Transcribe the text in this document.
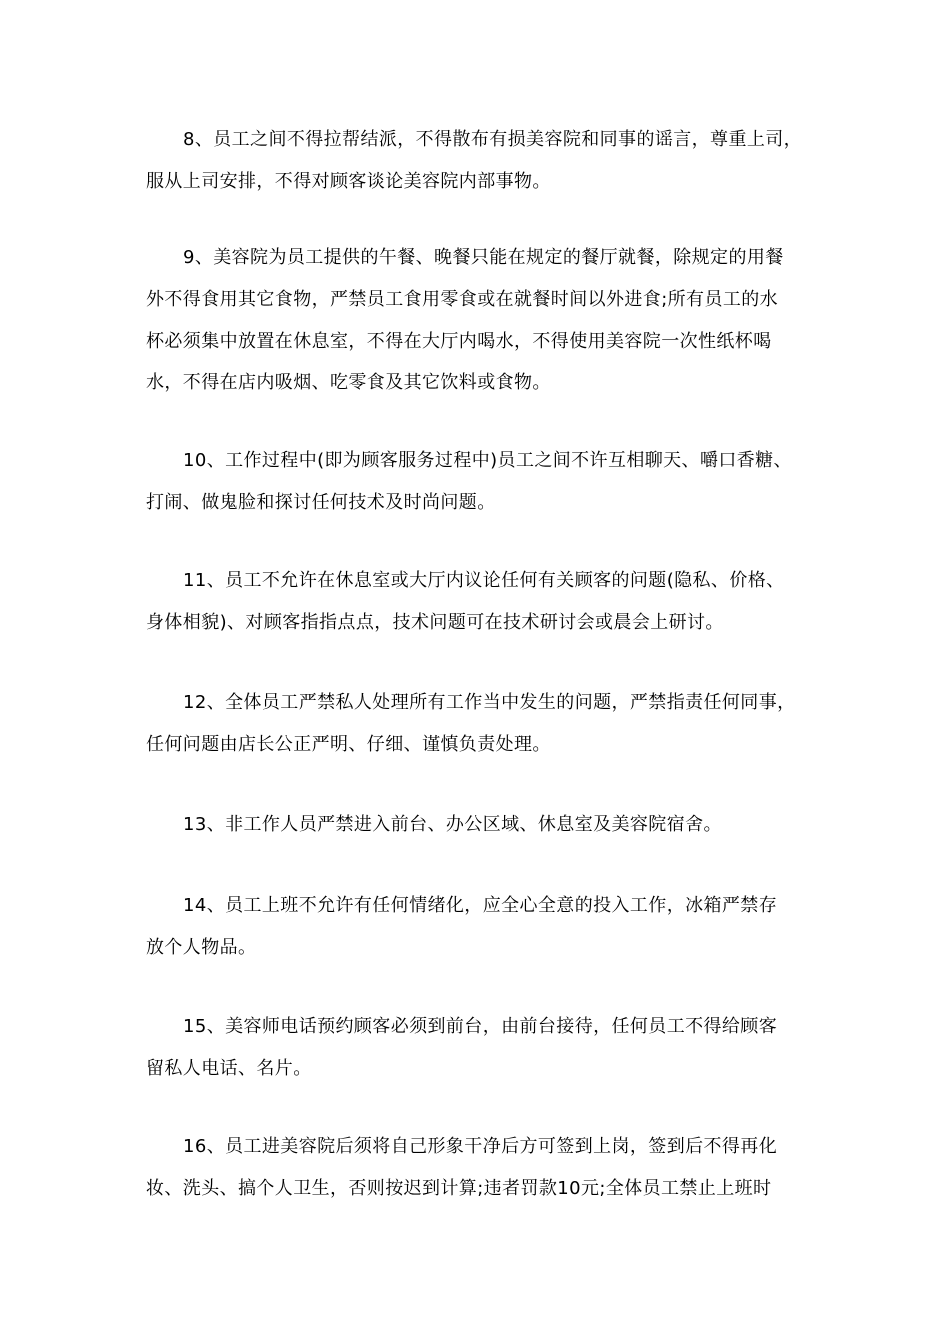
8、员工之间不得拉帮结派，不得散布有损美容院和同事的谣言，尊重上司，
服从上司安排，不得对顾客谈论美容院内部事物。
9、美容院为员工提供的午餐、晚餐只能在规定的餐厅就餐，除规定的用餐
外不得食用其它食物，严禁员工食用零食或在就餐时间以外进食;所有员工的水
杯必须集中放置在休息室，不得在大厅内喝水，不得使用美容院一次性纸杯喝
水，不得在店内吸烟、吃零食及其它饮料或食物。
10、工作过程中(即为顾客服务过程中)员工之间不许互相聊天、嚼口香糖、
打闹、做鬼脸和探讨任何技术及时尚问题。
11、员工不允许在休息室或大厅内议论任何有关顾客的问题(隐私、价格、
身体相貌)、对顾客指指点点，技术问题可在技术研讨会或晨会上研讨。
12、全体员工严禁私人处理所有工作当中发生的问题，严禁指责任何同事，
任何问题由店长公正严明、仔细、谨慎负责处理。
13、非工作人员严禁进入前台、办公区域、休息室及美容院宿舍。
14、员工上班不允许有任何情绪化，应全心全意的投入工作，冰箱严禁存
放个人物品。
15、美容师电话预约顾客必须到前台，由前台接待，任何员工不得给顾客
留私人电话、名片。
16、员工进美容院后须将自己形象干净后方可签到上岗，签到后不得再化
妆、洗头、搞个人卫生，否则按迟到计算;违者罚款10元;全体员工禁止上班时
